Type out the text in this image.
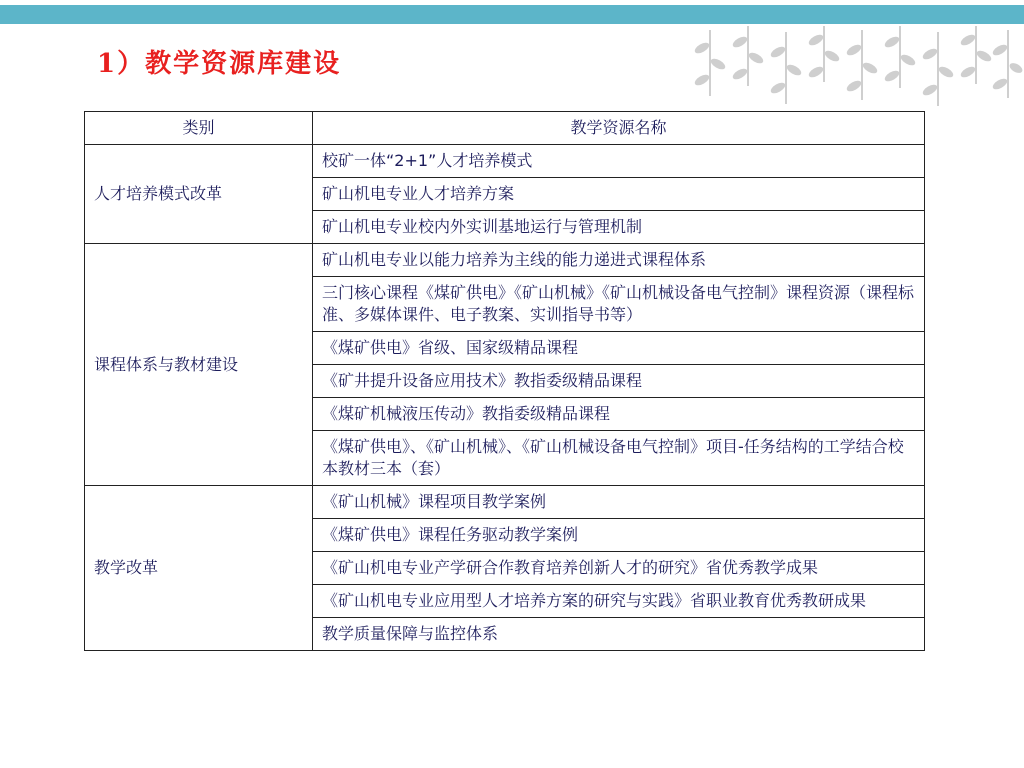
1）教学资源库建设
类别	教学资源名称
人才培养模式改革	校矿一体“2+1”人才培养模式
	矿山机电专业人才培养方案
	矿山机电专业校内外实训基地运行与管理机制
课程体系与教材建设	矿山机电专业以能力培养为主线的能力递进式课程体系
	三门核心课程《煤矿供电》《矿山机械》《矿山机械设备电气控制》课程资源（课程标准、多媒体课件、电子教案、实训指导书等）
	《煤矿供电》省级、国家级精品课程
	《矿井提升设备应用技术》教指委级精品课程
	《煤矿机械液压传动》教指委级精品课程
	《煤矿供电》、《矿山机械》、《矿山机械设备电气控制》项目-任务结构的工学结合校本教材三本（套）
教学改革	《矿山机械》课程项目教学案例
	《煤矿供电》课程任务驱动教学案例
	《矿山机电专业产学研合作教育培养创新人才的研究》省优秀教学成果
	《矿山机电专业应用型人才培养方案的研究与实践》省职业教育优秀教研成果
	教学质量保障与监控体系
